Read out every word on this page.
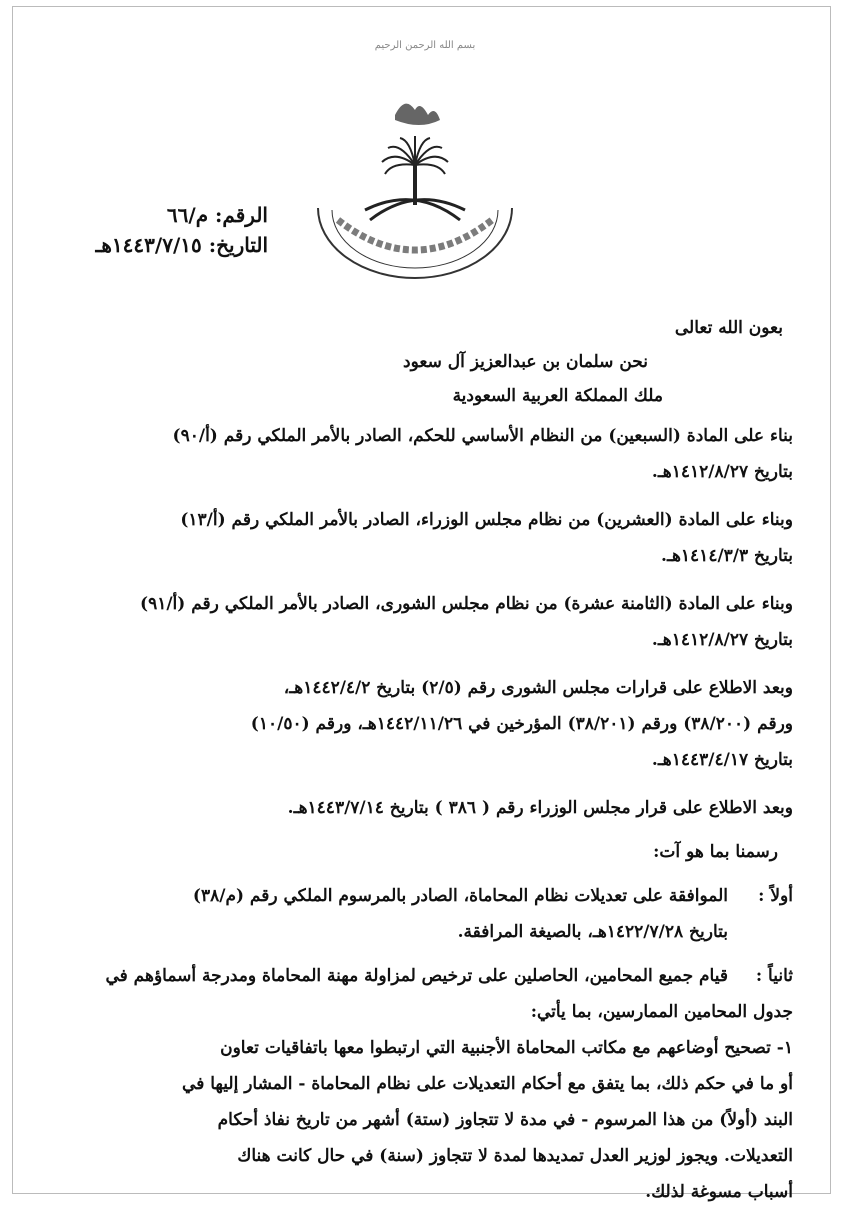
بسم الله الرحمن الرحيم
الرقم: م/٦٦
التاريخ: ١٤٤٣/٧/١٥هـ
بعون الله تعالى
نحن سلمان بن عبدالعزيز آل سعود
ملك المملكة العربية السعودية
بناء على المادة (السبعين) من النظام الأساسي للحكم، الصادر بالأمر الملكي رقم (أ/٩٠)
بتاريخ ١٤١٢/٨/٢٧هـ.
وبناء على المادة (العشرين) من نظام مجلس الوزراء، الصادر بالأمر الملكي رقم (أ/١٣)
بتاريخ ١٤١٤/٣/٣هـ.
وبناء على المادة (الثامنة عشرة) من نظام مجلس الشورى، الصادر بالأمر الملكي رقم (أ/٩١)
بتاريخ ١٤١٢/٨/٢٧هـ.
وبعد الاطلاع على قرارات مجلس الشورى رقم (٢/٥) بتاريخ ١٤٤٢/٤/٢هـ،
ورقم (٣٨/٢٠٠) ورقم (٣٨/٢٠١) المؤرخين في ١٤٤٢/١١/٢٦هـ، ورقم (١٠/٥٠)
بتاريخ ١٤٤٣/٤/١٧هـ.
وبعد الاطلاع على قرار مجلس الوزراء رقم ( ٣٨٦ ) بتاريخ ١٤٤٣/٧/١٤هـ.
رسمنا بما هو آت:
أولاً :
الموافقة على تعديلات نظام المحاماة، الصادر بالمرسوم الملكي رقم (م/٣٨)
بتاريخ ١٤٢٢/٧/٢٨هـ، بالصيغة المرافقة.
ثانياً :
قيام جميع المحامين، الحاصلين على ترخيص لمزاولة مهنة المحاماة ومدرجة أسماؤهم في
جدول المحامين الممارسين، بما يأتي:
١- تصحيح أوضاعهم مع مكاتب المحاماة الأجنبية التي ارتبطوا معها باتفاقيات تعاون
أو ما في حكم ذلك، بما يتفق مع أحكام التعديلات على نظام المحاماة - المشار إليها في
البند (أولاً) من هذا المرسوم - في مدة لا تتجاوز (ستة) أشهر من تاريخ نفاذ أحكام
التعديلات. ويجوز لوزير العدل تمديدها لمدة لا تتجاوز (سنة) في حال كانت هناك
أسباب مسوغة لذلك.
